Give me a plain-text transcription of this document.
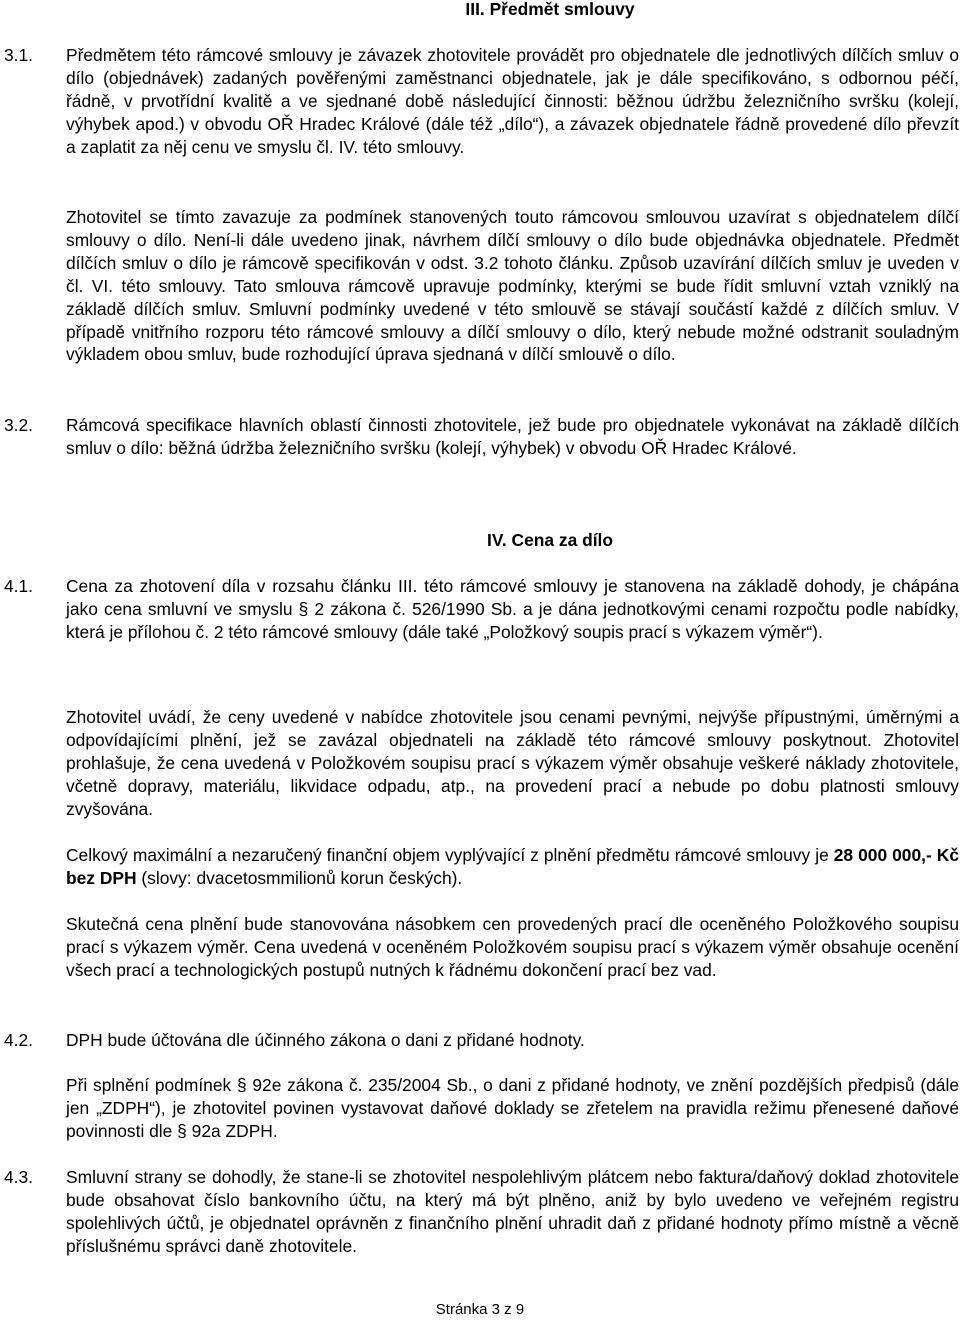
III. Předmět smlouvy
3.1. Předmětem této rámcové smlouvy je závazek zhotovitele provádět pro objednatele dle jednotlivých dílčích smluv o dílo (objednávek) zadaných pověřenými zaměstnanci objednatele, jak je dále specifikováno, s odbornou péčí, řádně, v prvotřídní kvalitě a ve sjednané době následující činnosti: běžnou údržbu železničního svršku (kolejí, výhybek apod.) v obvodu OŘ Hradec Králové (dále též „dílo“), a závazek objednatele řádně provedené dílo převzít a zaplatit za něj cenu ve smyslu čl. IV. této smlouvy.

Zhotovitel se tímto zavazuje za podmínek stanovených touto rámcovou smlouvou uzavírat s objednatelem dílčí smlouvy o dílo. Není-li dále uvedeno jinak, návrhem dílčí smlouvy o dílo bude objednávka objednatele. Předmět dílčích smluv o dílo je rámcově specifikován v odst. 3.2 tohoto článku. Způsob uzavírání dílčích smluv je uveden v čl. VI. této smlouvy. Tato smlouva rámcově upravuje podmínky, kterými se bude řídit smluvní vztah vzniklý na základě dílčích smluv. Smluvní podmínky uvedené v této smlouvě se stávají součástí každé z dílčích smluv. V případě vnitřního rozporu této rámcové smlouvy a dílčí smlouvy o dílo, který nebude možné odstranit souladným výkladem obou smluv, bude rozhodující úprava sjednaná v dílčí smlouvě o dílo.

3.2. Rámcová specifikace hlavních oblastí činnosti zhotovitele, jež bude pro objednatele vykonávat na základě dílčích smluv o dílo: běžná údržba železničního svršku (kolejí, výhybek) v obvodu OŘ Hradec Králové.

IV. Cena za dílo
4.1. Cena za zhotovení díla v rozsahu článku III. této rámcové smlouvy je stanovena na základě dohody, je chápána jako cena smluvní ve smyslu § 2 zákona č. 526/1990 Sb. a je dána jednotkovými cenami rozpočtu podle nabídky, která je přílohou č. 2 této rámcové smlouvy (dále také „Položkový soupis prací s výkazem výměr“).

Zhotovitel uvádí, že ceny uvedené v nabídce zhotovitele jsou cenami pevnými, nejvýše přípustnými, úměrnými a odpovídajícími plnění, jež se zavázal objednateli na základě této rámcové smlouvy poskytnout. Zhotovitel prohlašuje, že cena uvedená v Položkovém soupisu prací s výkazem výměr obsahuje veškeré náklady zhotovitele, včetně dopravy, materiálu, likvidace odpadu, atp., na provedení prací a nebude po dobu platnosti smlouvy zvyšována.

Celkový maximální a nezaručený finanční objem vyplývající z plnění předmětu rámcové smlouvy je 28 000 000,- Kč bez DPH (slovy: dvacetosmmilionů korun českých).

Skutečná cena plnění bude stanovována násobkem cen provedených prací dle oceněného Položkového soupisu prací s výkazem výměr. Cena uvedená v oceněném Položkovém soupisu prací s výkazem výměr obsahuje ocenění všech prací a technologických postupů nutných k řádnému dokončení prací bez vad.

4.2. DPH bude účtována dle účinného zákona o dani z přidané hodnoty.

Při splnění podmínek § 92e zákona č. 235/2004 Sb., o dani z přidané hodnoty, ve znění pozdějších předpisů (dále jen „ZDPH“), je zhotovitel povinen vystavovat daňové doklady se zřetelem na pravidla režimu přenesené daňové povinnosti dle § 92a ZDPH.

4.3. Smluvní strany se dohodly, že stane-li se zhotovitel nespolehlivým plátcem nebo faktura/daňový doklad zhotovitele bude obsahovat číslo bankovního účtu, na který má být plněno, aniž by bylo uvedeno ve veřejném registru spolehlivých účtů, je objednatel oprávněn z finančního plnění uhradit daň z přidané hodnoty přímo místně a věcně příslušnému správci daně zhotovitele.

Stránka 3 z 9
